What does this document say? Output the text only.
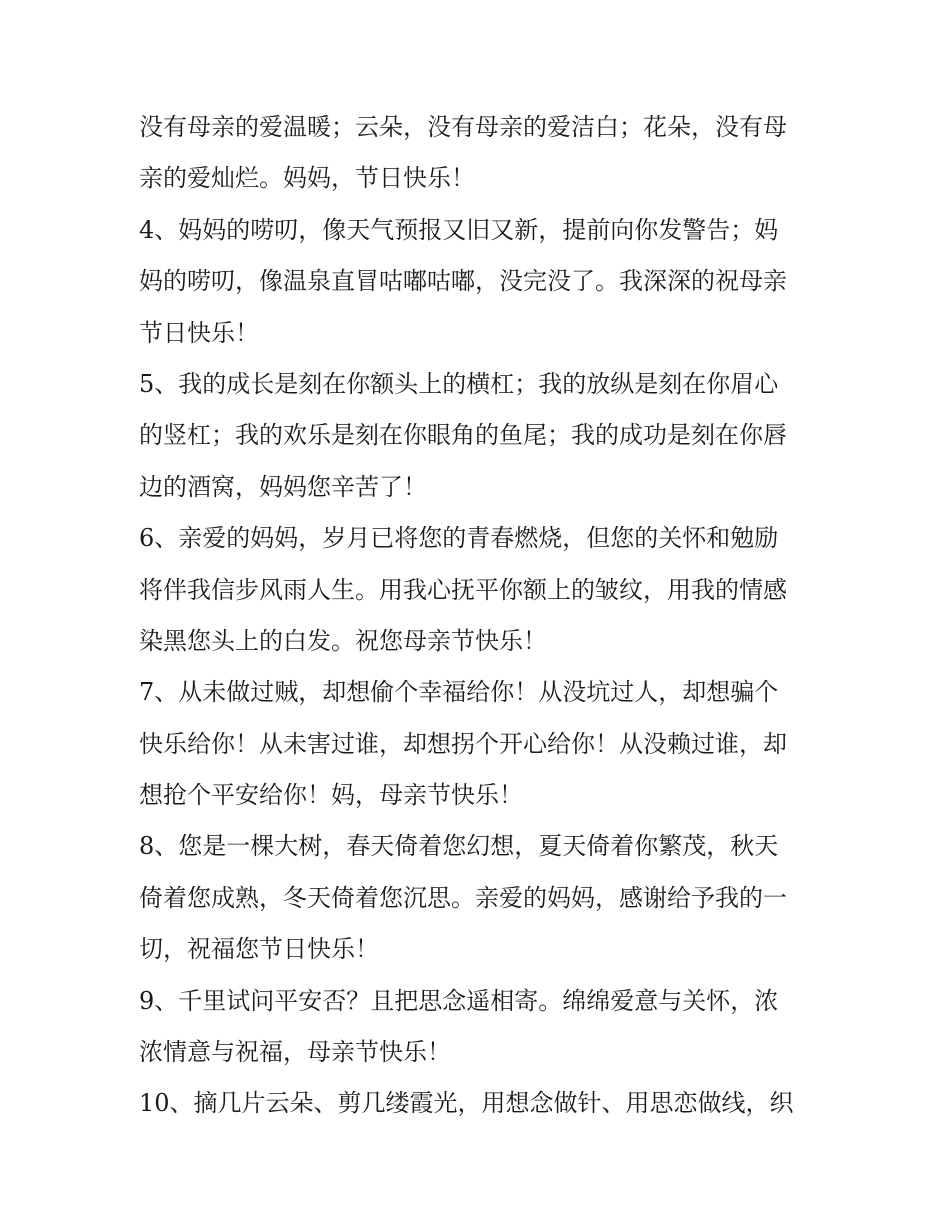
没有母亲的爱温暖；云朵，没有母亲的爱洁白；花朵，没有母
亲的爱灿烂。妈妈，节日快乐！
4、妈妈的唠叨，像天气预报又旧又新，提前向你发警告；妈
妈的唠叨，像温泉直冒咕嘟咕嘟，没完没了。我深深的祝母亲
节日快乐！
5、我的成长是刻在你额头上的横杠；我的放纵是刻在你眉心
的竖杠；我的欢乐是刻在你眼角的鱼尾；我的成功是刻在你唇
边的酒窝，妈妈您辛苦了！
6、亲爱的妈妈，岁月已将您的青春燃烧，但您的关怀和勉励
将伴我信步风雨人生。用我心抚平你额上的皱纹，用我的情感
染黑您头上的白发。祝您母亲节快乐！
7、从未做过贼，却想偷个幸福给你！从没坑过人，却想骗个
快乐给你！从未害过谁，却想拐个开心给你！从没赖过谁，却
想抢个平安给你！妈，母亲节快乐！
8、您是一棵大树，春天倚着您幻想，夏天倚着你繁茂，秋天
倚着您成熟，冬天倚着您沉思。亲爱的妈妈，感谢给予我的一
切，祝福您节日快乐！
9、千里试问平安否？且把思念遥相寄。绵绵爱意与关怀，浓
浓情意与祝福，母亲节快乐！
10、摘几片云朵、剪几缕霞光，用想念做针、用思恋做线，织
